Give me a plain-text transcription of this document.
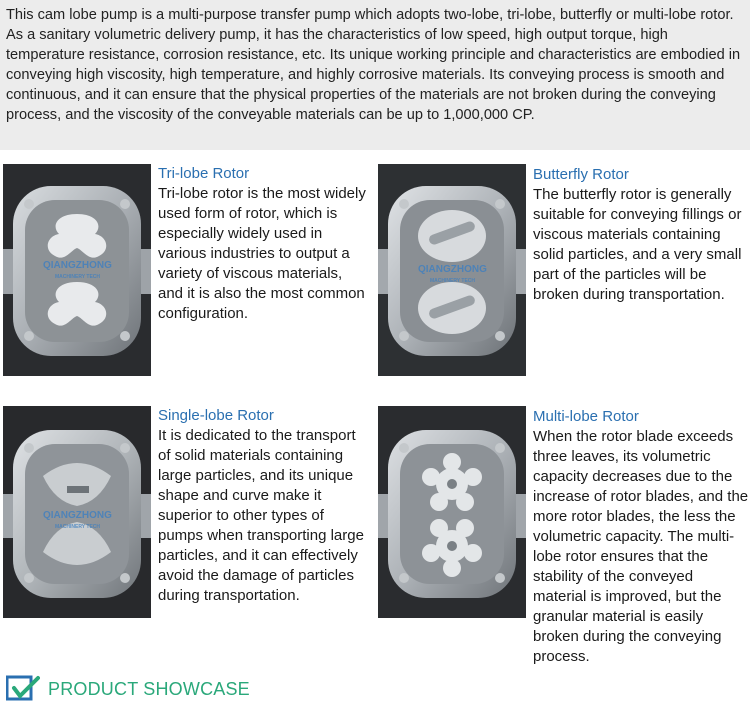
This cam lobe pump is a multi-purpose transfer pump which adopts two-lobe, tri-lobe, butterfly or multi-lobe rotor. As a sanitary volumetric delivery pump, it has the characteristics of low speed, high output torque, high temperature resistance, corrosion resistance, etc. Its unique working principle and characteristics are embodied in conveying high viscosity, high temperature, and highly corrosive materials. Its conveying process is smooth and continuous, and it can ensure that the physical properties of the materials are not broken during the conveying process, and the viscosity of the conveyable materials can be up to 1,000,000 CP.
QIANGZHONG
MACHINERY TECH
Tri-lobe Rotor
Tri-lobe rotor is the most widely used form of rotor, which is especially widely used in various industries to output a variety of viscous materials, and it is also the most common configuration.
QIANGZHONG
MACHINERY TECH
Butterfly Rotor
The butterfly rotor is generally suitable for conveying fillings or viscous materials containing solid particles, and a very small part of the particles will be broken during transportation.
QIANGZHONG
MACHINERY TECH
Single-lobe Rotor
It is dedicated to the transport of solid materials containing large particles, and its unique shape and curve make it superior to other types of pumps when transporting large particles, and it can effectively avoid the damage of particles during transportation.
Multi-lobe Rotor
When the rotor blade exceeds three leaves, its volumetric capacity decreases due to the increase of rotor blades, and the more rotor blades, the less the volumetric capacity. The multi-lobe rotor ensures that the stability of the conveyed material is improved, but the granular material is easily broken during the conveying process.
PRODUCT SHOWCASE
